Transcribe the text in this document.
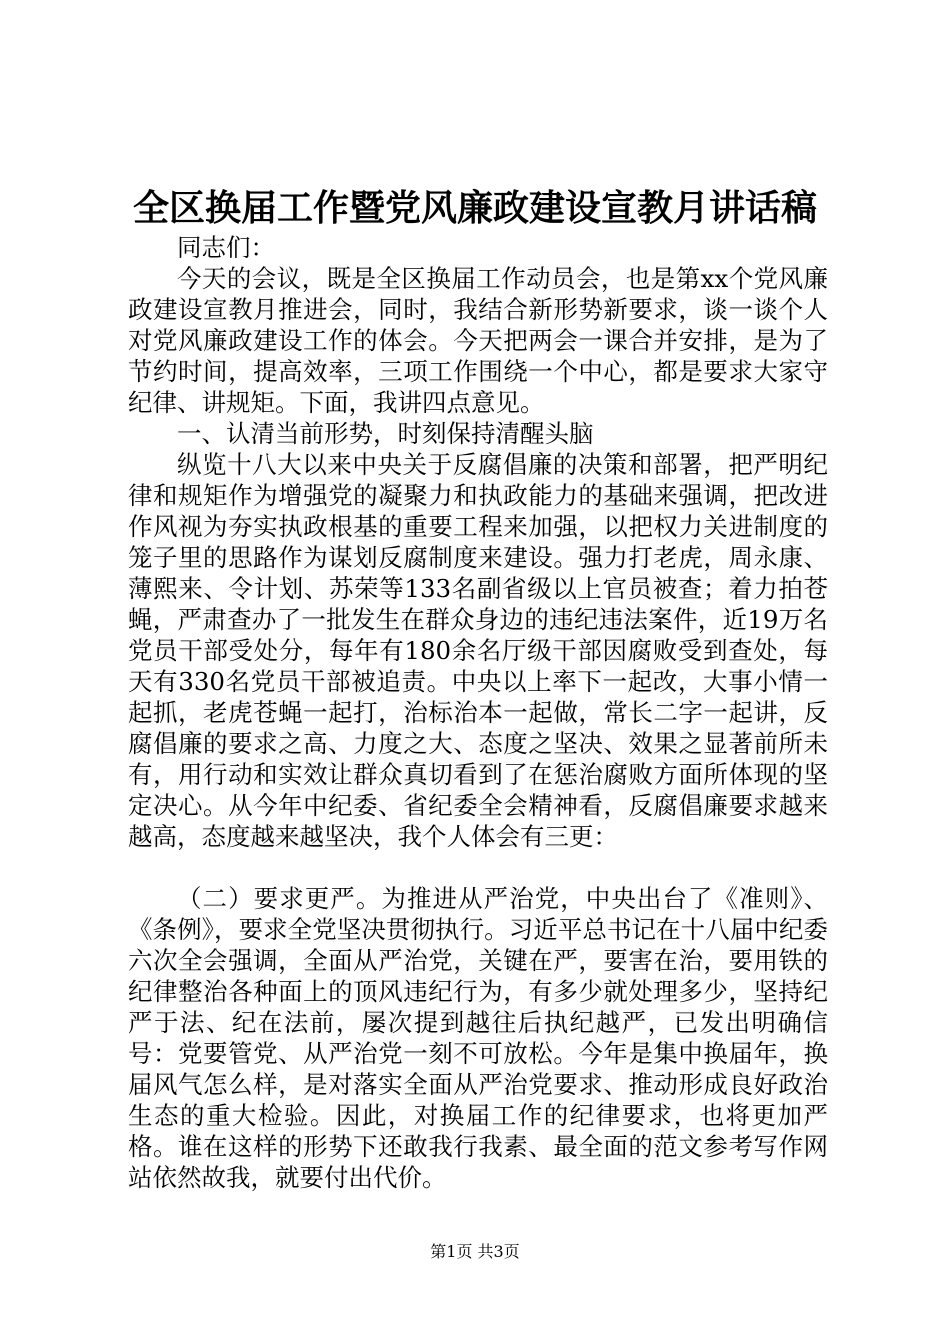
全区换届工作暨党风廉政建设宣教月讲话稿

同志们：

今天的会议，既是全区换届工作动员会，也是第xx个党风廉政建设宣教月推进会，同时，我结合新形势新要求，谈一谈个人对党风廉政建设工作的体会。今天把两会一课合并安排，是为了节约时间，提高效率，三项工作围绕一个中心，都是要求大家守纪律、讲规矩。下面，我讲四点意见。

一、认清当前形势，时刻保持清醒头脑

纵览十八大以来中央关于反腐倡廉的决策和部署，把严明纪律和规矩作为增强党的凝聚力和执政能力的基础来强调，把改进作风视为夯实执政根基的重要工程来加强，以把权力关进制度的笼子里的思路作为谋划反腐制度来建设。强力打老虎，周永康、薄熙来、令计划、苏荣等133名副省级以上官员被查；着力拍苍蝇，严肃查办了一批发生在群众身边的违纪违法案件，近19万名党员干部受处分，每年有180余名厅级干部因腐败受到查处，每天有330名党员干部被追责。中央以上率下一起改，大事小情一起抓，老虎苍蝇一起打，治标治本一起做，常长二字一起讲，反腐倡廉的要求之高、力度之大、态度之坚决、效果之显著前所未有，用行动和实效让群众真切看到了在惩治腐败方面所体现的坚定决心。从今年中纪委、省纪委全会精神看，反腐倡廉要求越来越高，态度越来越坚决，我个人体会有三更：

（二）要求更严。为推进从严治党，中央出台了《准则》、《条例》，要求全党坚决贯彻执行。习近平总书记在十八届中纪委六次全会强调，全面从严治党，关键在严，要害在治，要用铁的纪律整治各种面上的顶风违纪行为，有多少就处理多少，坚持纪严于法、纪在法前，屡次提到越往后执纪越严，已发出明确信号：党要管党、从严治党一刻不可放松。今年是集中换届年，换届风气怎么样，是对落实全面从严治党要求、推动形成良好政治生态的重大检验。因此，对换届工作的纪律要求，也将更加严格。谁在这样的形势下还敢我行我素、最全面的范文参考写作网站依然故我，就要付出代价。

第1页 共3页
